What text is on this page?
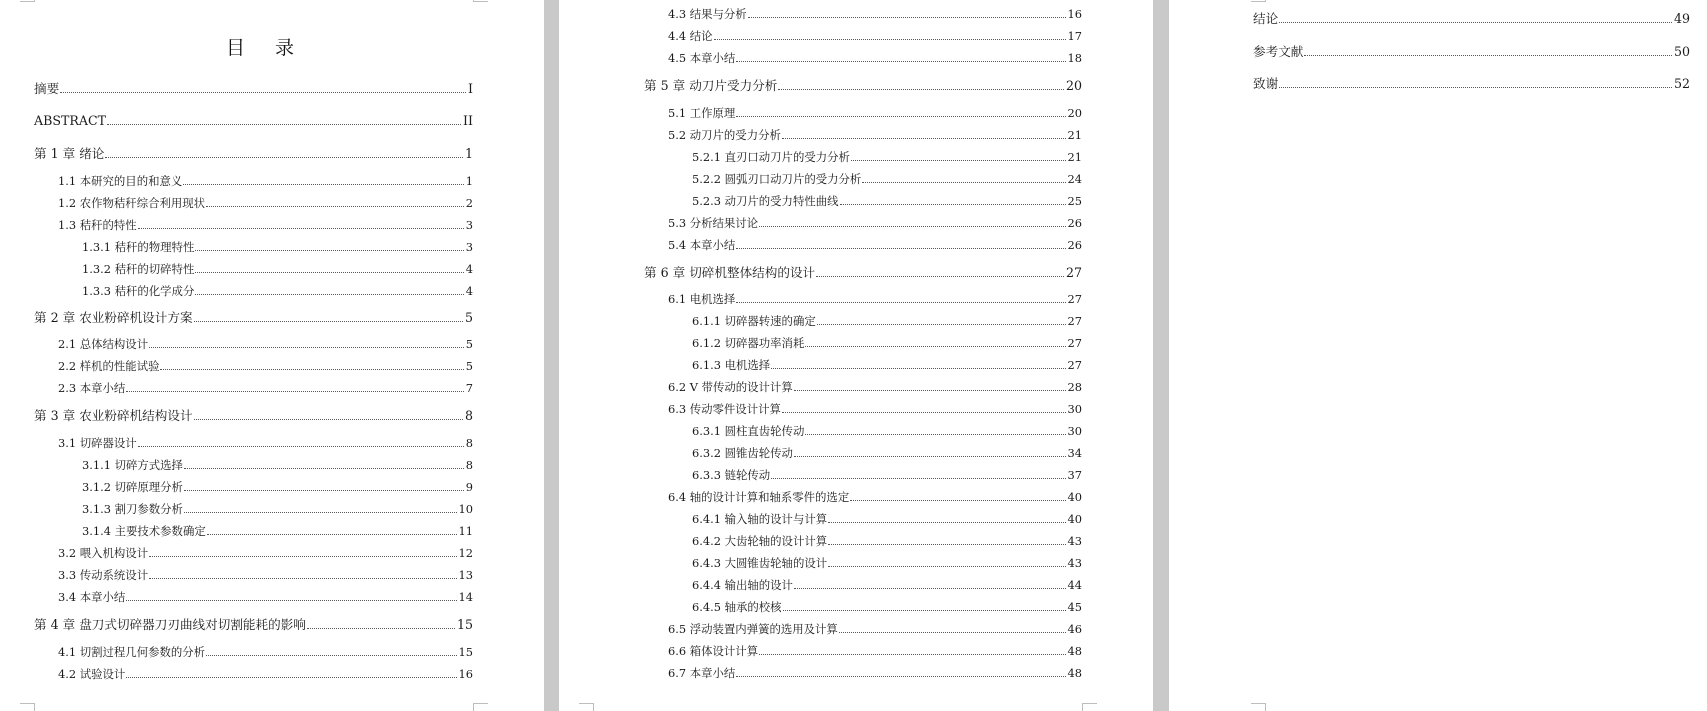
目 录
摘要	I
ABSTRACT	II
第 1 章 绪论	1
1.1 本研究的目的和意义	1
1.2 农作物秸秆综合利用现状	2
1.3 秸秆的特性	3
1.3.1 秸秆的物理特性	3
1.3.2 秸秆的切碎特性	4
1.3.3 秸秆的化学成分	4
第 2 章 农业粉碎机设计方案	5
2.1 总体结构设计	5
2.2 样机的性能试验	5
2.3 本章小结	7
第 3 章 农业粉碎机结构设计	8
3.1 切碎器设计	8
3.1.1 切碎方式选择	8
3.1.2 切碎原理分析	9
3.1.3 割刀参数分析	10
3.1.4 主要技术参数确定	11
3.2 喂入机构设计	12
3.3 传动系统设计	13
3.4 本章小结	14
第 4 章 盘刀式切碎器刀刃曲线对切割能耗的影响	15
4.1 切割过程几何参数的分析	15
4.2 试验设计	16
4.3 结果与分析	16
4.4 结论	17
4.5 本章小结	18
第 5 章 动刀片受力分析	20
5.1 工作原理	20
5.2 动刀片的受力分析	21
5.2.1 直刃口动刀片的受力分析	21
5.2.2 圆弧刃口动刀片的受力分析	24
5.2.3 动刀片的受力特性曲线	25
5.3 分析结果讨论	26
5.4 本章小结	26
第 6 章 切碎机整体结构的设计	27
6.1 电机选择	27
6.1.1 切碎器转速的确定	27
6.1.2 切碎器功率消耗	27
6.1.3 电机选择	27
6.2 V 带传动的设计计算	28
6.3 传动零件设计计算	30
6.3.1 圆柱直齿轮传动	30
6.3.2 圆锥齿轮传动	34
6.3.3 链轮传动	37
6.4 轴的设计计算和轴系零件的选定	40
6.4.1 输入轴的设计与计算	40
6.4.2 大齿轮轴的设计计算	43
6.4.3 大圆锥齿轮轴的设计	43
6.4.4 输出轴的设计	44
6.4.5 轴承的校核	45
6.5 浮动装置内弹簧的选用及计算	46
6.6 箱体设计计算	48
6.7 本章小结	48
结论	49
参考文献	50
致谢	52
